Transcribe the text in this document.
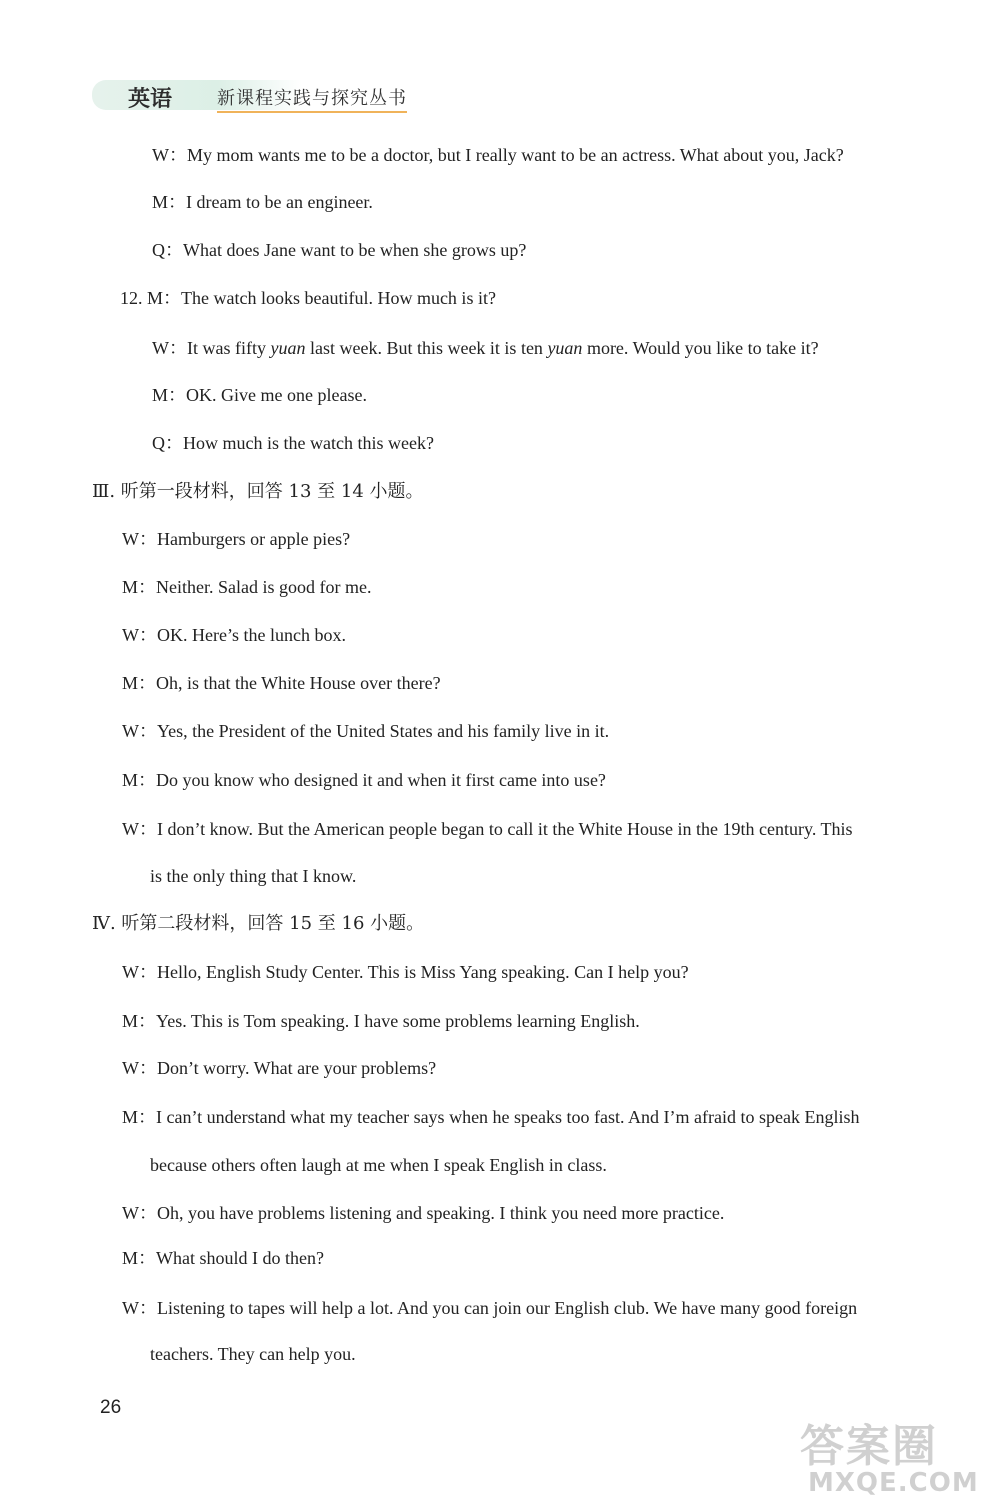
英语 新课程实践与探究丛书
W：My mom wants me to be a doctor, but I really want to be an actress. What about you, Jack?
M：I dream to be an engineer.
Q：What does Jane want to be when she grows up?
12. M：The watch looks beautiful. How much is it?
W：It was fifty yuan last week. But this week it is ten yuan more. Would you like to take it?
M：OK. Give me one please.
Q：How much is the watch this week?
Ⅲ. 听第一段材料，回答 13 至 14 小题。
W：Hamburgers or apple pies?
M：Neither. Salad is good for me.
W：OK. Here’s the lunch box.
M：Oh, is that the White House over there?
W：Yes, the President of the United States and his family live in it.
M：Do you know who designed it and when it first came into use?
W：I don’t know. But the American people began to call it the White House in the 19th century. This
is the only thing that I know.
Ⅳ. 听第二段材料，回答 15 至 16 小题。
W：Hello, English Study Center. This is Miss Yang speaking. Can I help you?
M：Yes. This is Tom speaking. I have some problems learning English.
W：Don’t worry. What are your problems?
M：I can’t understand what my teacher says when he speaks too fast. And I’m afraid to speak English
because others often laugh at me when I speak English in class.
W：Oh, you have problems listening and speaking. I think you need more practice.
M：What should I do then?
W：Listening to tapes will help a lot. And you can join our English club. We have many good foreign
teachers. They can help you.
26
答案圈
MXQE.COM
